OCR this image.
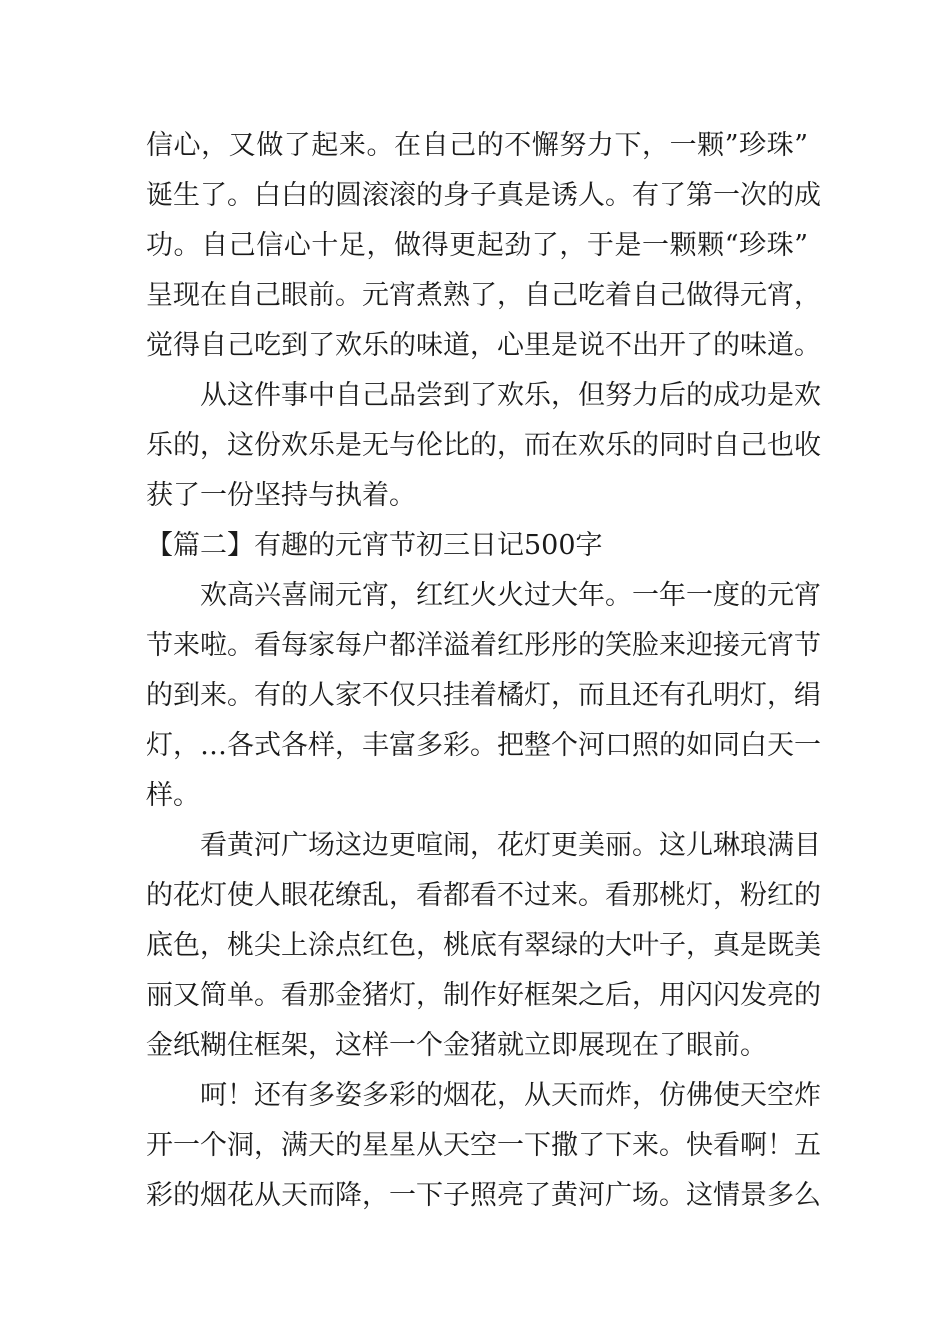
信心，又做了起来。在自己的不懈努力下，一颗”珍珠”
诞生了。白白的圆滚滚的身子真是诱人。有了第一次的成
功。自己信心十足，做得更起劲了，于是一颗颗“珍珠”
呈现在自己眼前。元宵煮熟了，自己吃着自己做得元宵，
觉得自己吃到了欢乐的味道，心里是说不出开了的味道。
从这件事中自己品尝到了欢乐，但努力后的成功是欢
乐的，这份欢乐是无与伦比的，而在欢乐的同时自己也收
获了一份坚持与执着。
【篇二】有趣的元宵节初三日记500字
欢高兴喜闹元宵，红红火火过大年。一年一度的元宵
节来啦。看每家每户都洋溢着红彤彤的笑脸来迎接元宵节
的到来。有的人家不仅只挂着橘灯，而且还有孔明灯，绢
灯，…各式各样，丰富多彩。把整个河口照的如同白天一
样。
看黄河广场这边更喧闹，花灯更美丽。这儿琳琅满目
的花灯使人眼花缭乱，看都看不过来。看那桃灯，粉红的
底色，桃尖上涂点红色，桃底有翠绿的大叶子，真是既美
丽又简单。看那金猪灯，制作好框架之后，用闪闪发亮的
金纸糊住框架，这样一个金猪就立即展现在了眼前。
呵！还有多姿多彩的烟花，从天而炸，仿佛使天空炸
开一个洞，满天的星星从天空一下撒了下来。快看啊！五
彩的烟花从天而降，一下子照亮了黄河广场。这情景多么
